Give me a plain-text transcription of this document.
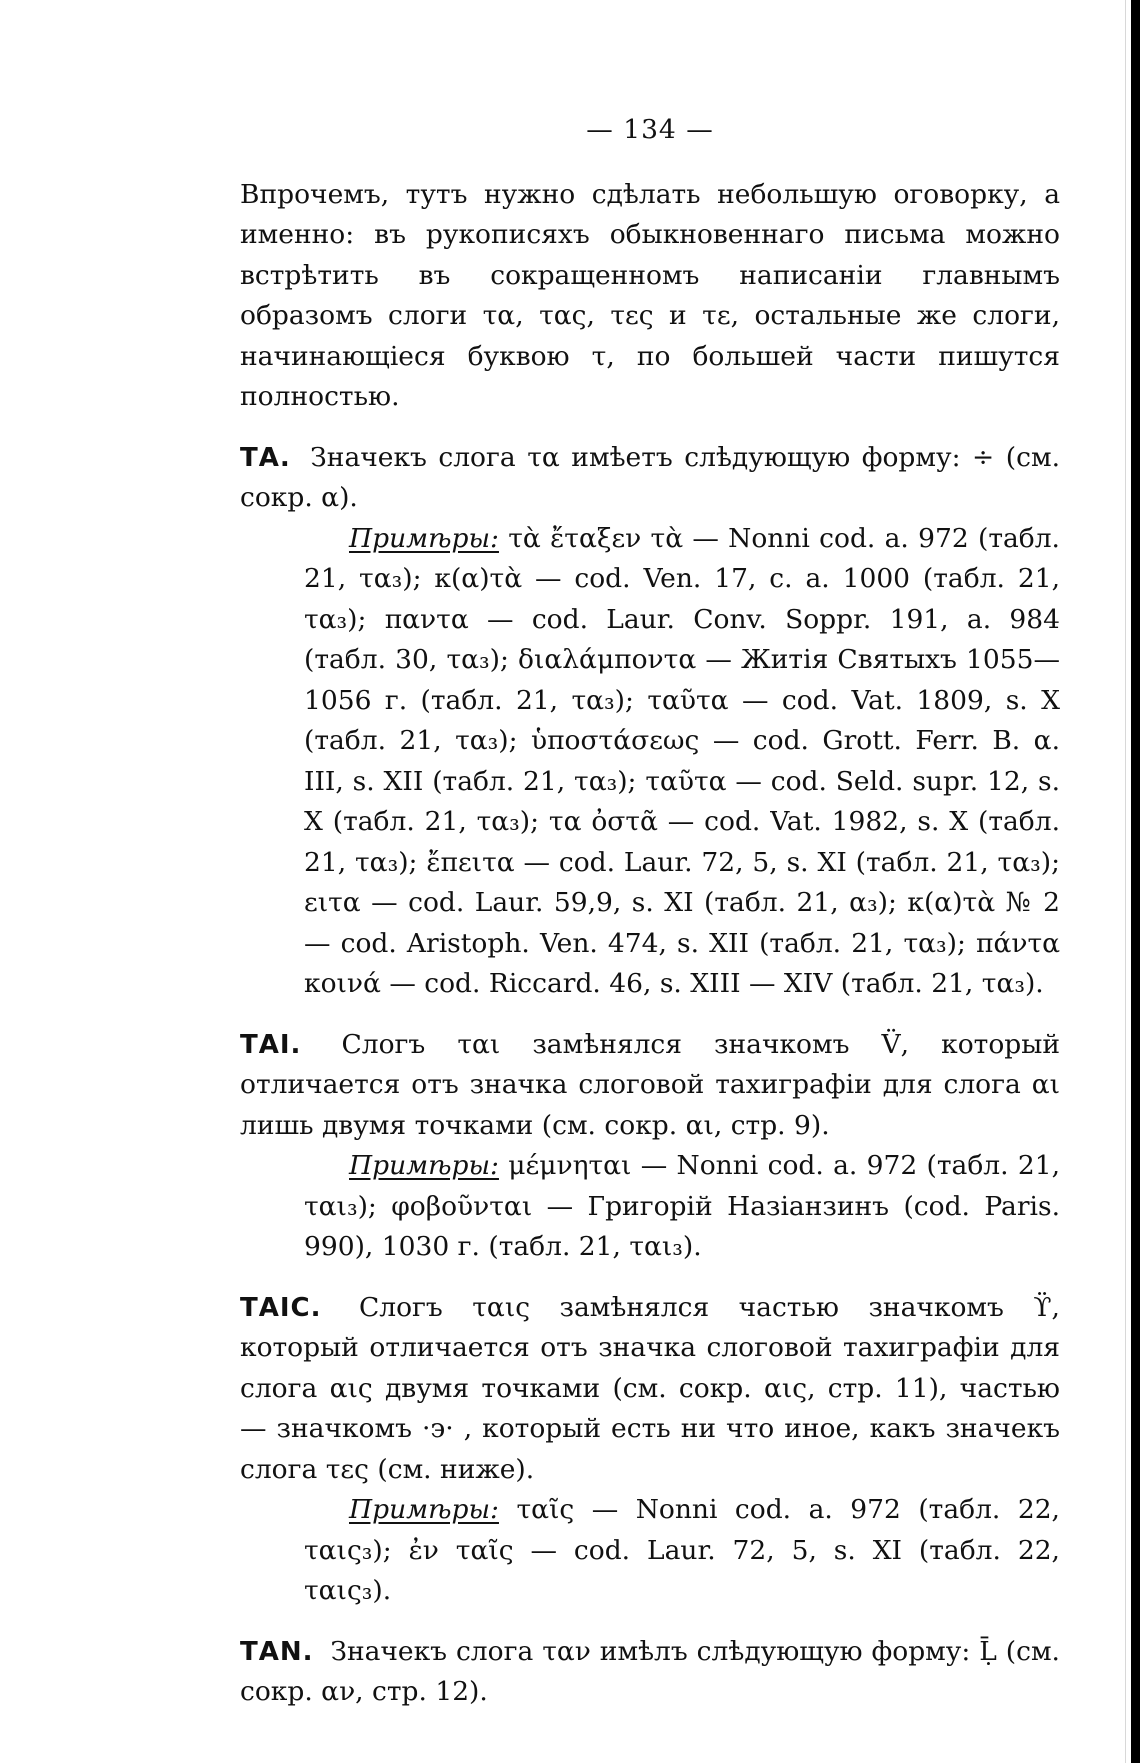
— 134 —

Впрочемъ, тутъ нужно сдѣлать небольшую оговорку, а именно: въ рукописяхъ обыкновеннаго письма можно встрѣтить въ сокращенномъ написаніи главнымъ образомъ слоги τα, τας, τες и τε, остальные же слоги, начинающіеся буквою τ, по большей части пишутся полностью.

ТА. Значекъ слога τα имѣетъ слѣдующую форму: ÷ (см. сокр. α).

Примѣры: τὰ ἔταξεν τὰ — Nonni cod. a. 972 (табл. 21, τα₃); κ(α)τὰ — cod. Ven. 17, c. a. 1000 (табл. 21, τα₃); παντα — cod. Laur. Conv. Soppr. 191, a. 984 (табл. 30, τα₃); διαλάμποντα — Житія Святыхъ 1055—1056 г. (табл. 21, τα₃); ταῦτα — cod. Vat. 1809, s. X (табл. 21, τα₃); ὑποστάσεως — cod. Grott. Ferr. B. α. III, s. XII (табл. 21, τα₃); ταῦτα — cod. Seld. supr. 12, s. X (табл. 21, τα₃); τα ὀστᾶ — cod. Vat. 1982, s. X (табл. 21, τα₃); ἔπειτα — cod. Laur. 72, 5, s. XI (табл. 21, τα₃); ειτα — cod. Laur. 59,9, s. XI (табл. 21, α₃); κ(α)τὰ № 2 — cod. Aristoph. Ven. 474, s. XII (табл. 21, τα₃); πάντα κοινά — cod. Riccard. 46, s. XIII — XIV (табл. 21, τα₃).

ТАІ. Слогъ ται замѣнялся значкомъ V̈, который отличается отъ значка слоговой тахиграфіи для слога αι лишь двумя точками (см. сокр. αι, стр. 9).

Примѣры: μέμνηται — Nonni cod. a. 972 (табл. 21, ται₃); φοβοῦνται — Григорій Назіанзинъ (cod. Paris. 990), 1030 г. (табл. 21, ται₃).

ТАІС. Слогъ ταις замѣнялся частью значкомъ ϔ, который отличается отъ значка слоговой тахиграфіи для слога αις двумя точками (см. сокр. αις, стр. 11), частью — значкомъ ·϶· , который есть ни что иное, какъ значекъ слога τες (см. ниже).

Примѣры: ταῖς — Nonni cod. a. 972 (табл. 22, ταις₃); ἐν ταῖς — cod. Laur. 72, 5, s. XI (табл. 22, ταις₃).

ТАN. Значекъ слога ταν имѣлъ слѣдующую форму: Ḹ (см. сокр. αν, стр. 12).
